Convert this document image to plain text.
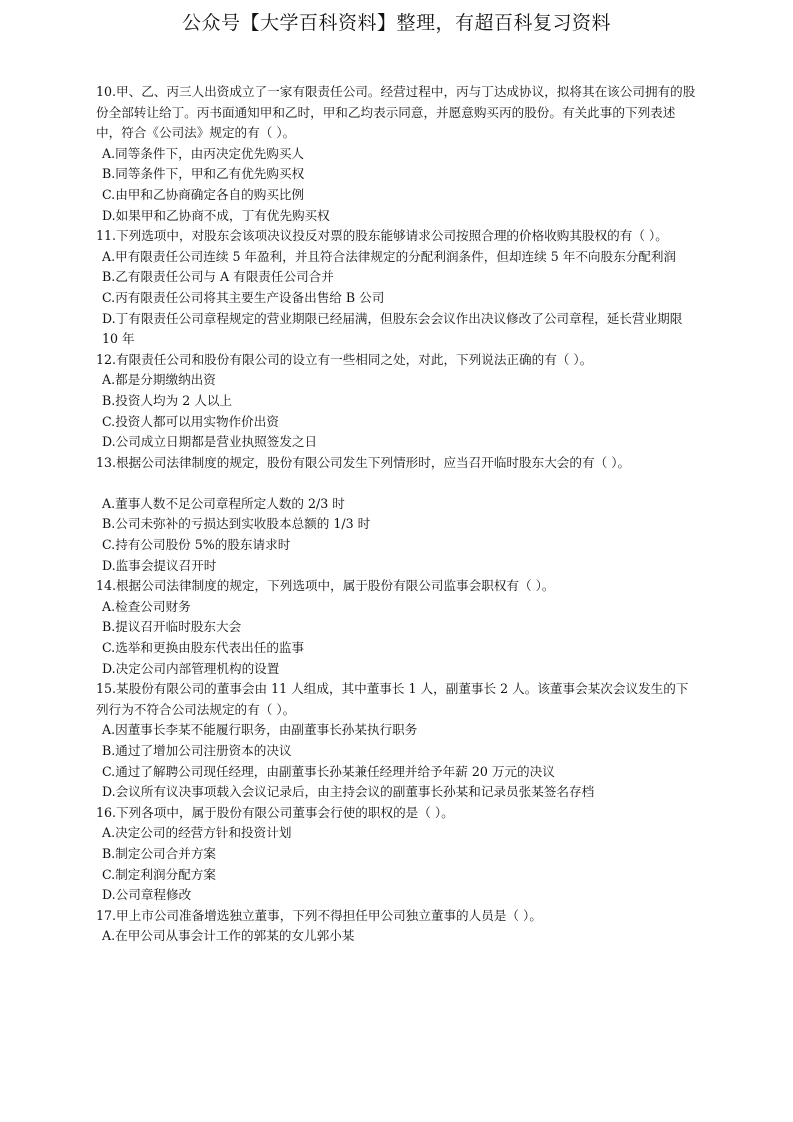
公众号【大学百科资料】整理，有超百科复习资料

10.甲、乙、丙三人出资成立了一家有限责任公司。经营过程中，丙与丁达成协议，拟将其在该公司拥有的股份全部转让给丁。丙书面通知甲和乙时，甲和乙均表示同意，并愿意购买丙的股份。有关此事的下列表述中，符合《公司法》规定的有（ ）。

A.同等条件下，由丙决定优先购买人

B.同等条件下，甲和乙有优先购买权

C.由甲和乙协商确定各自的购买比例

D.如果甲和乙协商不成，丁有优先购买权

11.下列选项中，对股东会该项决议投反对票的股东能够请求公司按照合理的价格收购其股权的有（ ）。

A.甲有限责任公司连续 5 年盈利，并且符合法律规定的分配利润条件，但却连续 5 年不向股东分配利润

B.乙有限责任公司与 A 有限责任公司合并

C.丙有限责任公司将其主要生产设备出售给 B 公司

D.丁有限责任公司章程规定的营业期限已经届满，但股东会会议作出决议修改了公司章程，延长营业期限 10 年

12.有限责任公司和股份有限公司的设立有一些相同之处，对此，下列说法正确的有（ ）。

A.都是分期缴纳出资

B.投资人均为 2 人以上

C.投资人都可以用实物作价出资

D.公司成立日期都是营业执照签发之日

13.根据公司法律制度的规定，股份有限公司发生下列情形时，应当召开临时股东大会的有（ ）。

A.董事人数不足公司章程所定人数的 2/3 时

B.公司未弥补的亏损达到实收股本总额的 1/3 时

C.持有公司股份 5%的股东请求时

D.监事会提议召开时

14.根据公司法律制度的规定，下列选项中，属于股份有限公司监事会职权有（ ）。

A.检查公司财务

B.提议召开临时股东大会

C.选举和更换由股东代表出任的监事

D.决定公司内部管理机构的设置

15.某股份有限公司的董事会由 11 人组成，其中董事长 1 人，副董事长 2 人。该董事会某次会议发生的下列行为不符合公司法规定的有（ ）。

A.因董事长李某不能履行职务，由副董事长孙某执行职务

B.通过了增加公司注册资本的决议

C.通过了解聘公司现任经理，由副董事长孙某兼任经理并给予年薪 20 万元的决议

D.会议所有议决事项载入会议记录后，由主持会议的副董事长孙某和记录员张某签名存档

16.下列各项中，属于股份有限公司董事会行使的职权的是（ ）。

A.决定公司的经营方针和投资计划

B.制定公司合并方案

C.制定利润分配方案

D.公司章程修改

17.甲上市公司准备增选独立董事，下列不得担任甲公司独立董事的人员是（ ）。

A.在甲公司从事会计工作的郭某的女儿郭小某
